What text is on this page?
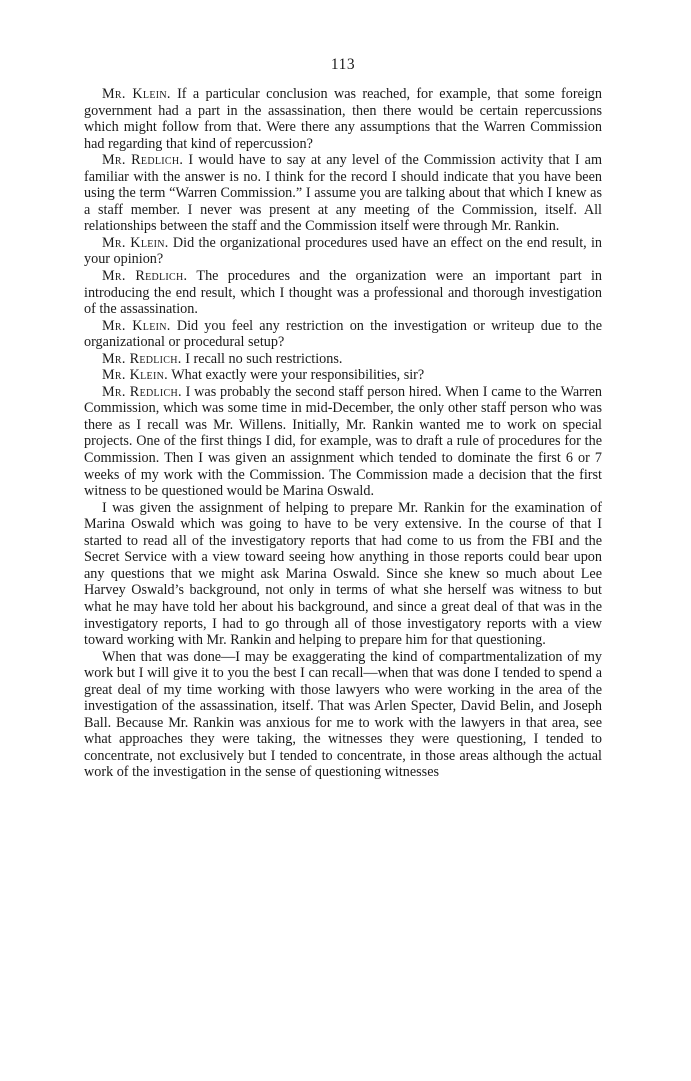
113

Mr. Klein. If a particular conclusion was reached, for example, that some foreign government had a part in the assassination, then there would be certain repercussions which might follow from that. Were there any assumptions that the Warren Commission had regarding that kind of repercussion?

Mr. Redlich. I would have to say at any level of the Commission activity that I am familiar with the answer is no. I think for the record I should indicate that you have been using the term “Warren Commission.” I assume you are talking about that which I knew as a staff member. I never was present at any meeting of the Commission, itself. All relationships between the staff and the Commission itself were through Mr. Rankin.

Mr. Klein. Did the organizational procedures used have an effect on the end result, in your opinion?

Mr. Redlich. The procedures and the organization were an important part in introducing the end result, which I thought was a professional and thorough investigation of the assassination.

Mr. Klein. Did you feel any restriction on the investigation or writeup due to the organizational or procedural setup?

Mr. Redlich. I recall no such restrictions.

Mr. Klein. What exactly were your responsibilities, sir?

Mr. Redlich. I was probably the second staff person hired. When I came to the Warren Commission, which was some time in mid-December, the only other staff person who was there as I recall was Mr. Willens. Initially, Mr. Rankin wanted me to work on special projects. One of the first things I did, for example, was to draft a rule of procedures for the Commission. Then I was given an assignment which tended to dominate the first 6 or 7 weeks of my work with the Commission. The Commission made a decision that the first witness to be questioned would be Marina Oswald.

I was given the assignment of helping to prepare Mr. Rankin for the examination of Marina Oswald which was going to have to be very extensive. In the course of that I started to read all of the investigatory reports that had come to us from the FBI and the Secret Service with a view toward seeing how anything in those reports could bear upon any questions that we might ask Marina Oswald. Since she knew so much about Lee Harvey Oswald’s background, not only in terms of what she herself was witness to but what he may have told her about his background, and since a great deal of that was in the investigatory reports, I had to go through all of those investigatory reports with a view toward working with Mr. Rankin and helping to prepare him for that questioning.

When that was done—I may be exaggerating the kind of compartmentalization of my work but I will give it to you the best I can recall—when that was done I tended to spend a great deal of my time working with those lawyers who were working in the area of the investigation of the assassination, itself. That was Arlen Specter, David Belin, and Joseph Ball. Because Mr. Rankin was anxious for me to work with the lawyers in that area, see what approaches they were taking, the witnesses they were questioning, I tended to concentrate, not exclusively but I tended to concentrate, in those areas although the actual work of the investigation in the sense of questioning witnesses
